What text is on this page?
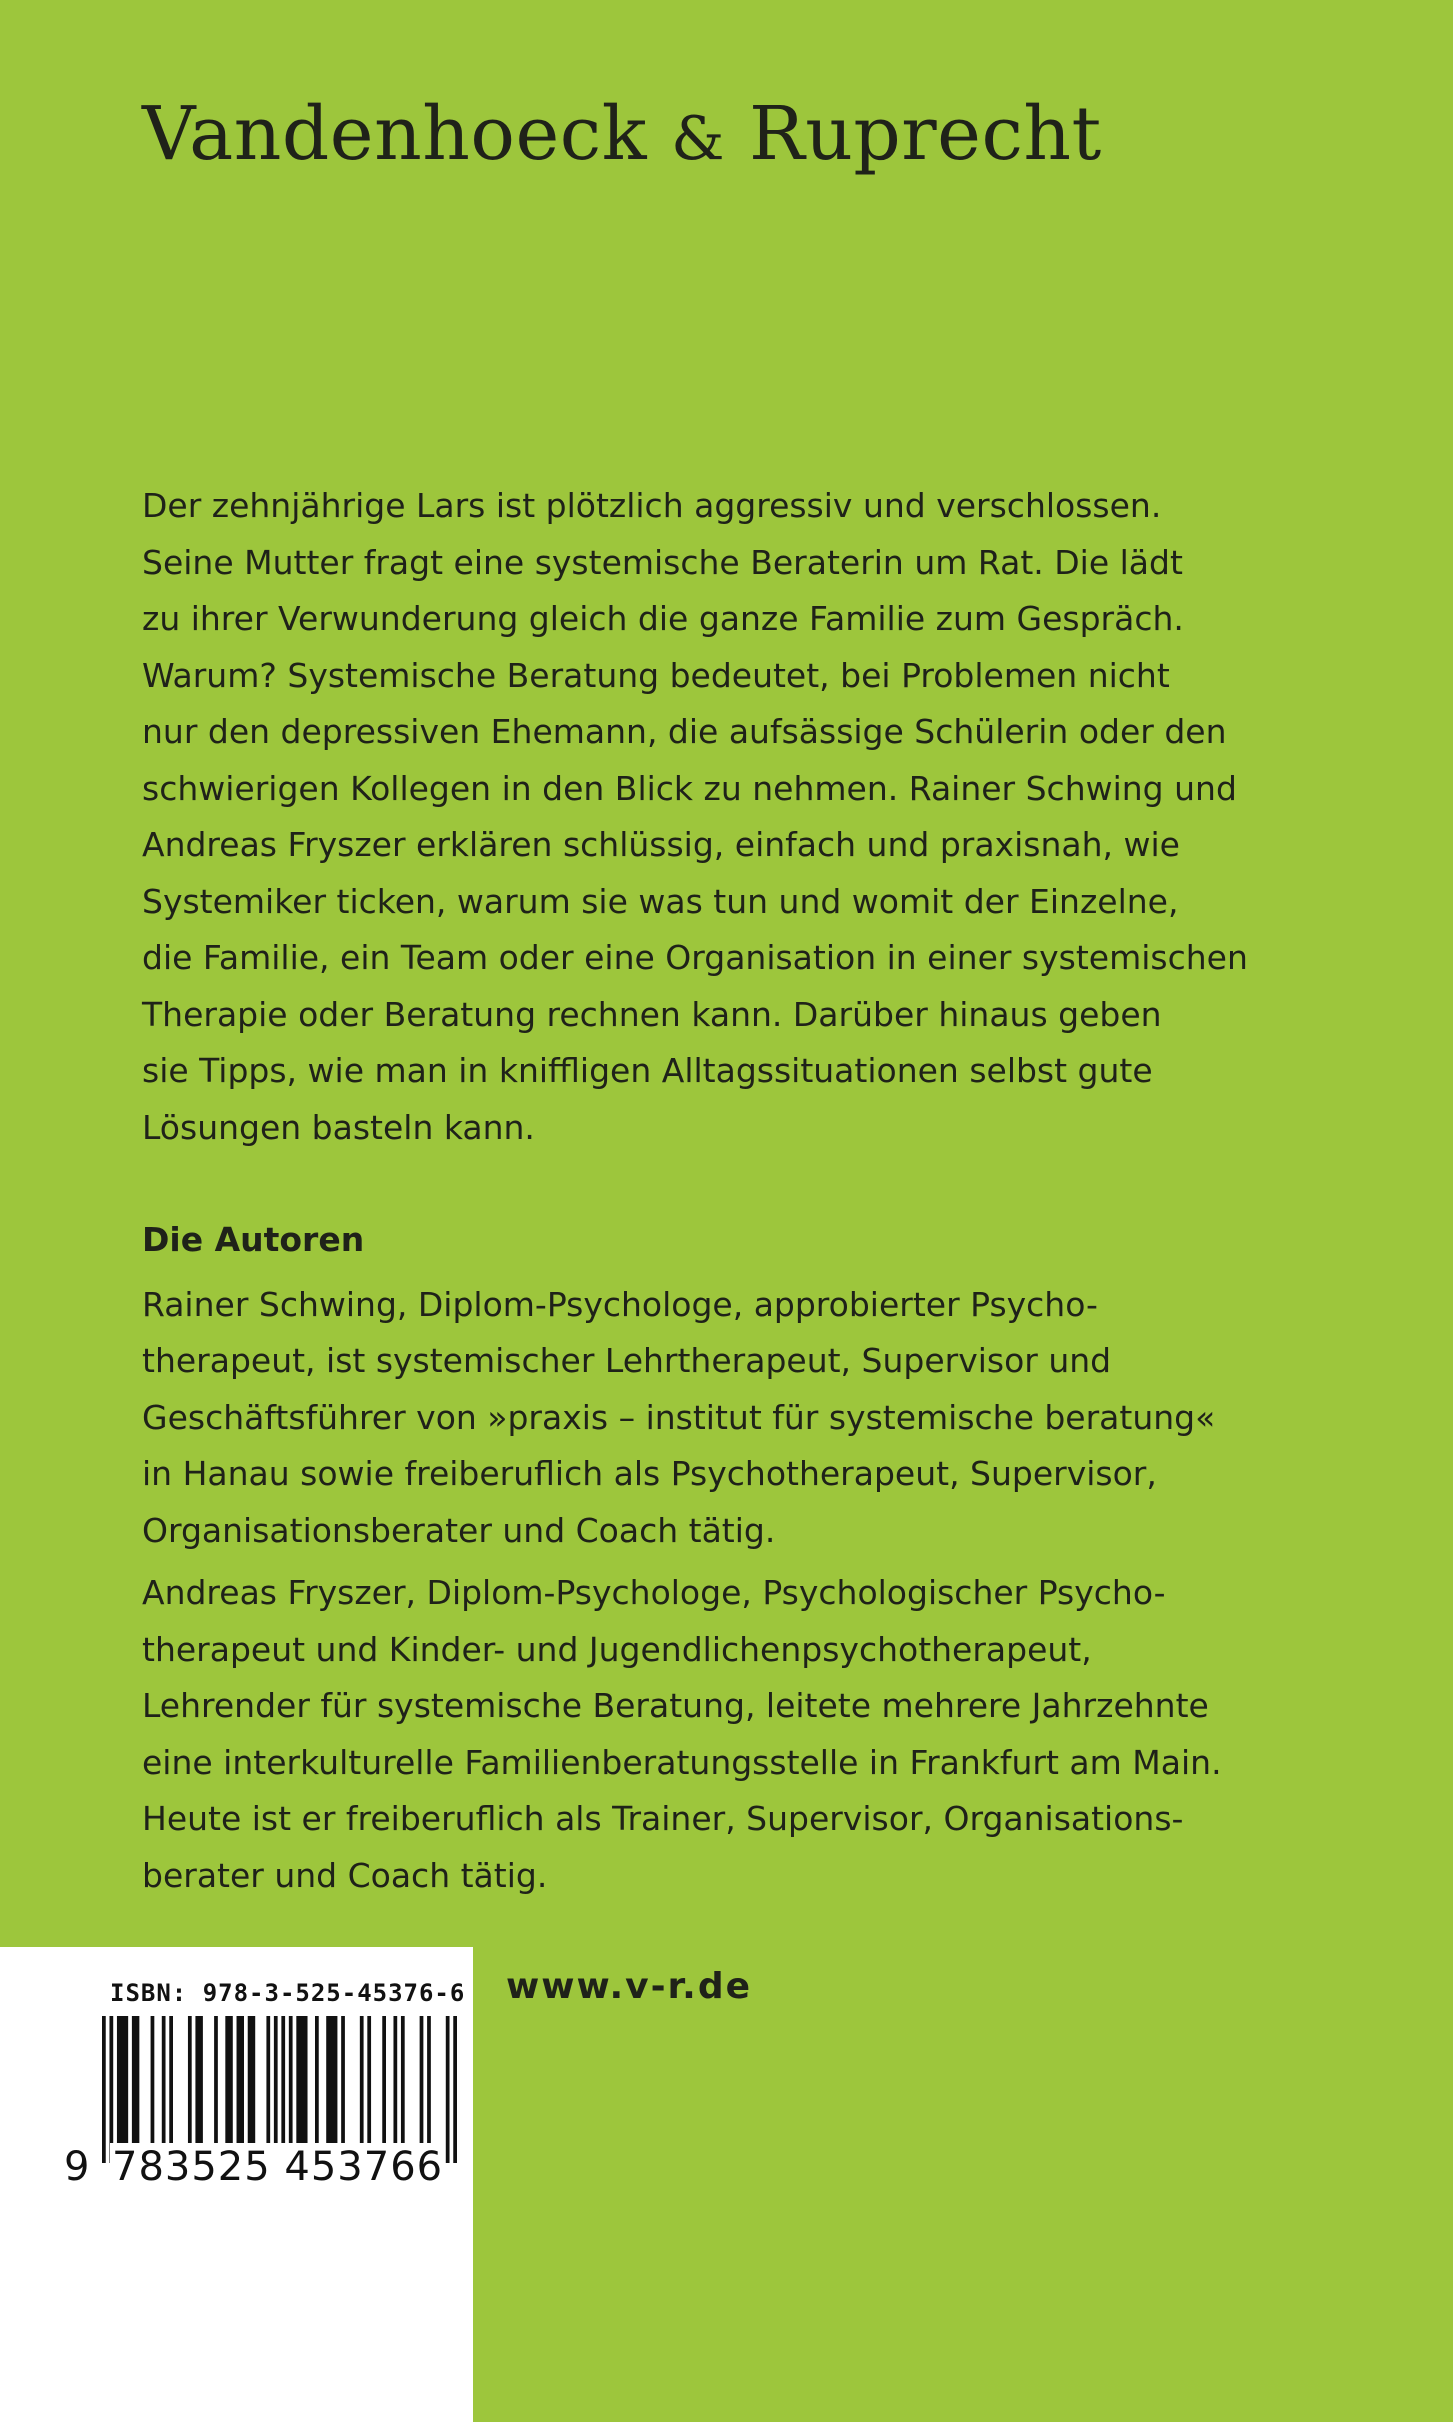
Vandenhoeck & Ruprecht

Der zehnjährige Lars ist plötzlich aggressiv und verschlossen.
Seine Mutter fragt eine systemische Beraterin um Rat. Die lädt
zu ihrer Verwunderung gleich die ganze Familie zum Gespräch.
Warum? Systemische Beratung bedeutet, bei Problemen nicht
nur den depressiven Ehemann, die aufsässige Schülerin oder den
schwierigen Kollegen in den Blick zu nehmen. Rainer Schwing und
Andreas Fryszer erklären schlüssig, einfach und praxisnah, wie
Systemiker ticken, warum sie was tun und womit der Einzelne,
die Familie, ein Team oder eine Organisation in einer systemischen
Therapie oder Beratung rechnen kann. Darüber hinaus geben
sie Tipps, wie man in kniffligen Alltagssituationen selbst gute
Lösungen basteln kann.

Die Autoren

Rainer Schwing, Diplom-Psychologe, approbierter Psycho-
therapeut, ist systemischer Lehrtherapeut, Supervisor und
Geschäftsführer von »praxis – institut für systemische beratung«
in Hanau sowie freiberuflich als Psychotherapeut, Supervisor,
Organisationsberater und Coach tätig.

Andreas Fryszer, Diplom-Psychologe, Psychologischer Psycho-
therapeut und Kinder- und Jugendlichenpsychotherapeut,
Lehrender für systemische Beratung, leitete mehrere Jahrzehnte
eine interkulturelle Familienberatungsstelle in Frankfurt am Main.
Heute ist er freiberuflich als Trainer, Supervisor, Organisations-
berater und Coach tätig.

ISBN: 978-3-525-45376-6
9 783525 453766
www.v-r.de
